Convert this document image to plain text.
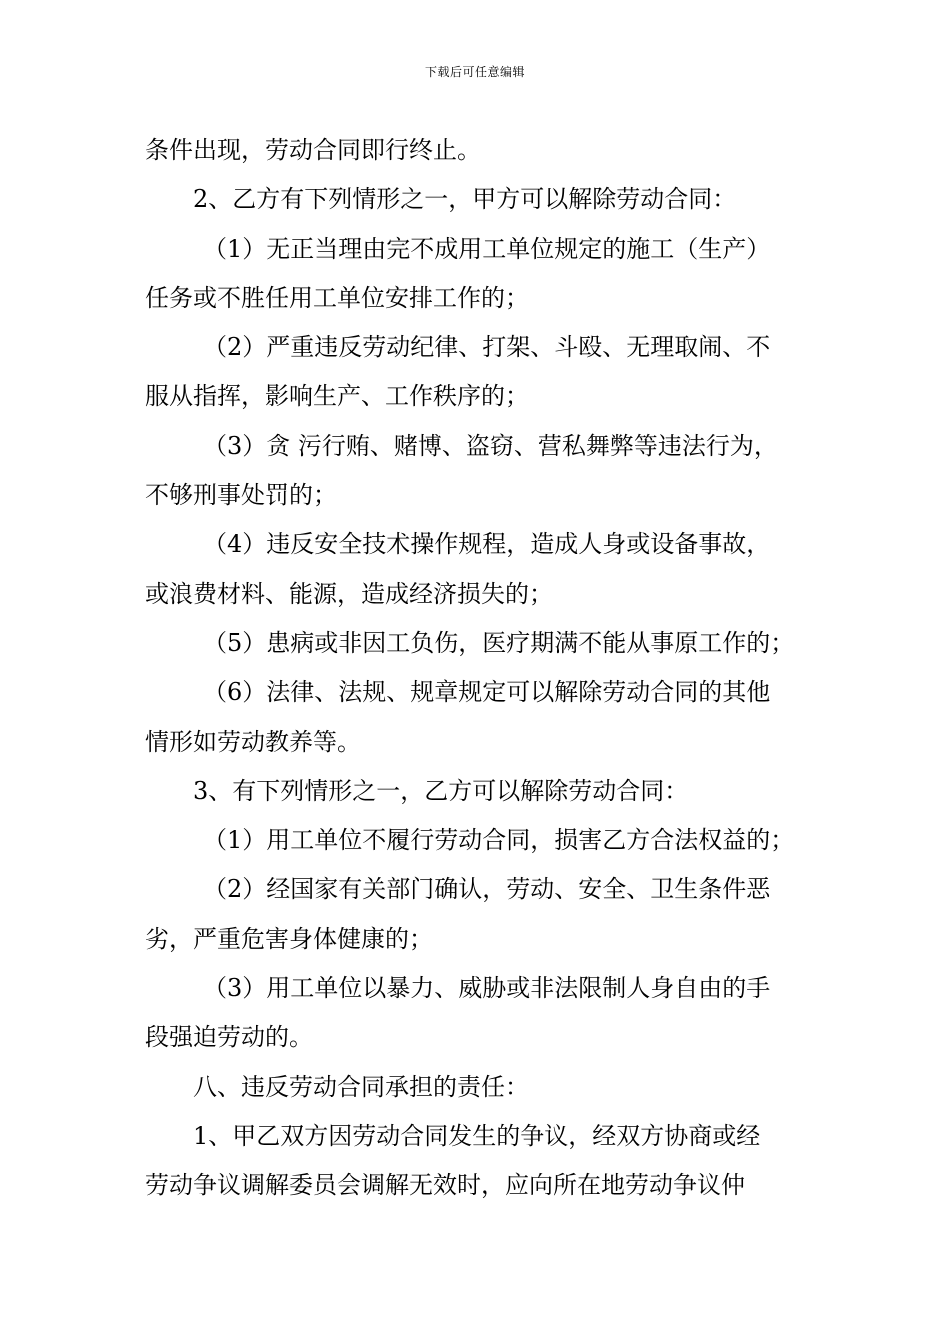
下载后可任意编辑
条件出现，劳动合同即行终止。
2、乙方有下列情形之一，甲方可以解除劳动合同：
（1）无正当理由完不成用工单位规定的施工（生产）
任务或不胜任用工单位安排工作的；
（2）严重违反劳动纪律、打架、斗殴、无理取闹、不
服从指挥，影响生产、工作秩序的；
（3）贪 污行贿、赌博、盗窃、营私舞弊等违法行为，
不够刑事处罚的；
（4）违反安全技术操作规程，造成人身或设备事故，
或浪费材料、能源，造成经济损失的；
（5）患病或非因工负伤，医疗期满不能从事原工作的；
（6）法律、法规、规章规定可以解除劳动合同的其他
情形如劳动教养等。
3、有下列情形之一，乙方可以解除劳动合同：
（1）用工单位不履行劳动合同，损害乙方合法权益的；
（2）经国家有关部门确认，劳动、安全、卫生条件恶
劣，严重危害身体健康的；
（3）用工单位以暴力、威胁或非法限制人身自由的手
段强迫劳动的。
八、违反劳动合同承担的责任：
1、甲乙双方因劳动合同发生的争议，经双方协商或经
劳动争议调解委员会调解无效时，应向所在地劳动争议仲
